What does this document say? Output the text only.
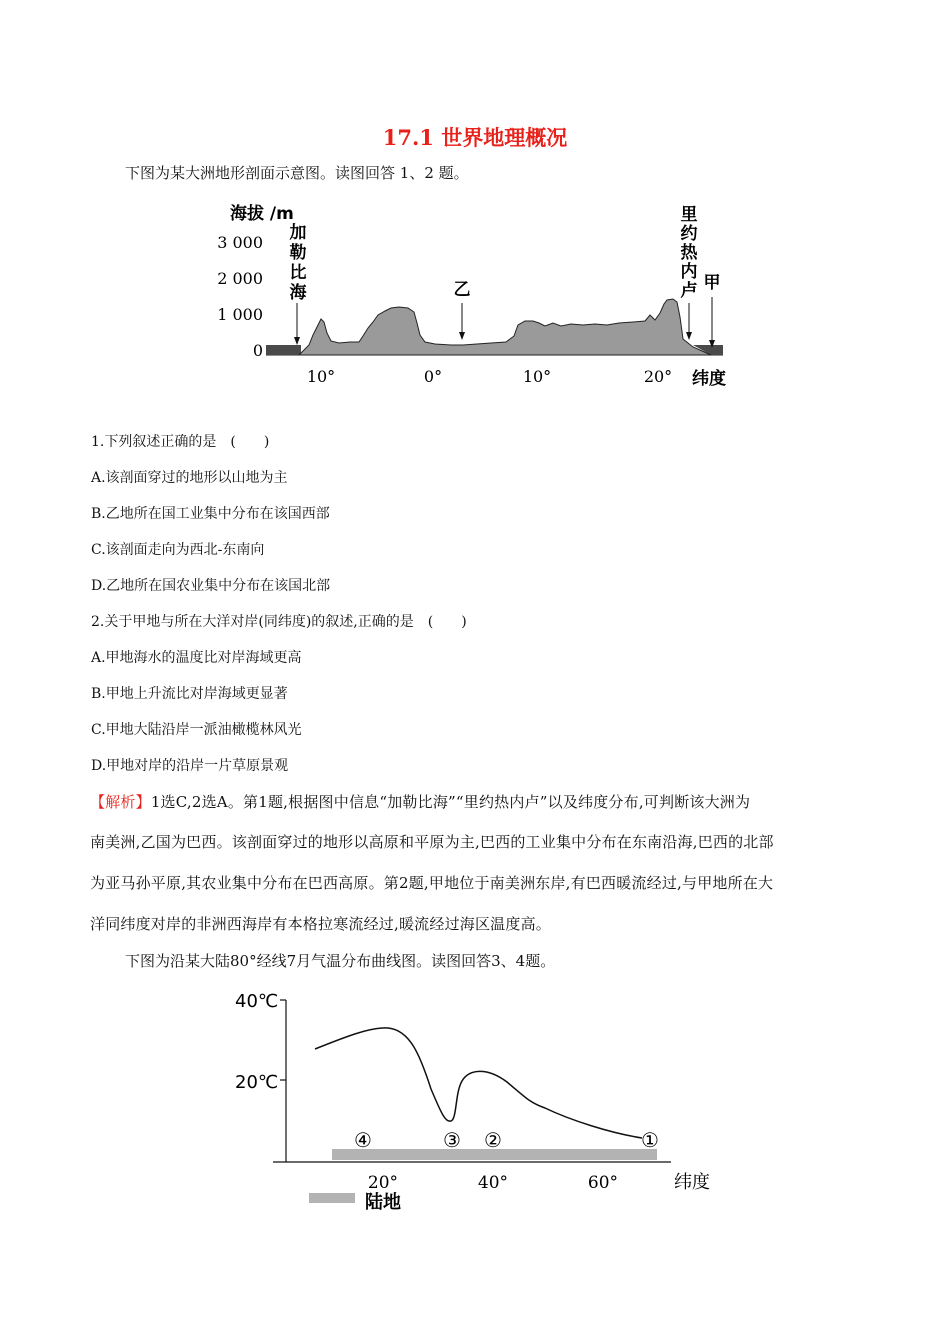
17.1 世界地理概况
下图为某大洲地形剖面示意图。读图回答 1、2 题。
海拔 /m
3 000
2 000
1 000
0
加勒比海	乙
里约热内卢 甲
10°	0°	10°	20° 纬度
1.下列叙述正确的是　(　　)
A.该剖面穿过的地形以山地为主
B.乙地所在国工业集中分布在该国西部
C.该剖面走向为西北-东南向
D.乙地所在国农业集中分布在该国北部
2.关于甲地与所在大洋对岸(同纬度)的叙述,正确的是　(　　)
A.甲地海水的温度比对岸海域更高
B.甲地上升流比对岸海域更显著
C.甲地大陆沿岸一派油橄榄林风光
D.甲地对岸的沿岸一片草原景观
【解析】1选C,2选A。第1题,根据图中信息“加勒比海”“里约热内卢”以及纬度分布,可判断该大洲为
南美洲,乙国为巴西。该剖面穿过的地形以高原和平原为主,巴西的工业集中分布在东南沿海,巴西的北部
为亚马孙平原,其农业集中分布在巴西高原。第2题,甲地位于南美洲东岸,有巴西暖流经过,与甲地所在大
洋同纬度对岸的非洲西海岸有本格拉寒流经过,暖流经过海区温度高。
下图为沿某大陆80°经线7月气温分布曲线图。读图回答3、4题。
40℃
20℃
④	③ ②	①
20°	40°	60°	纬度
陆地
